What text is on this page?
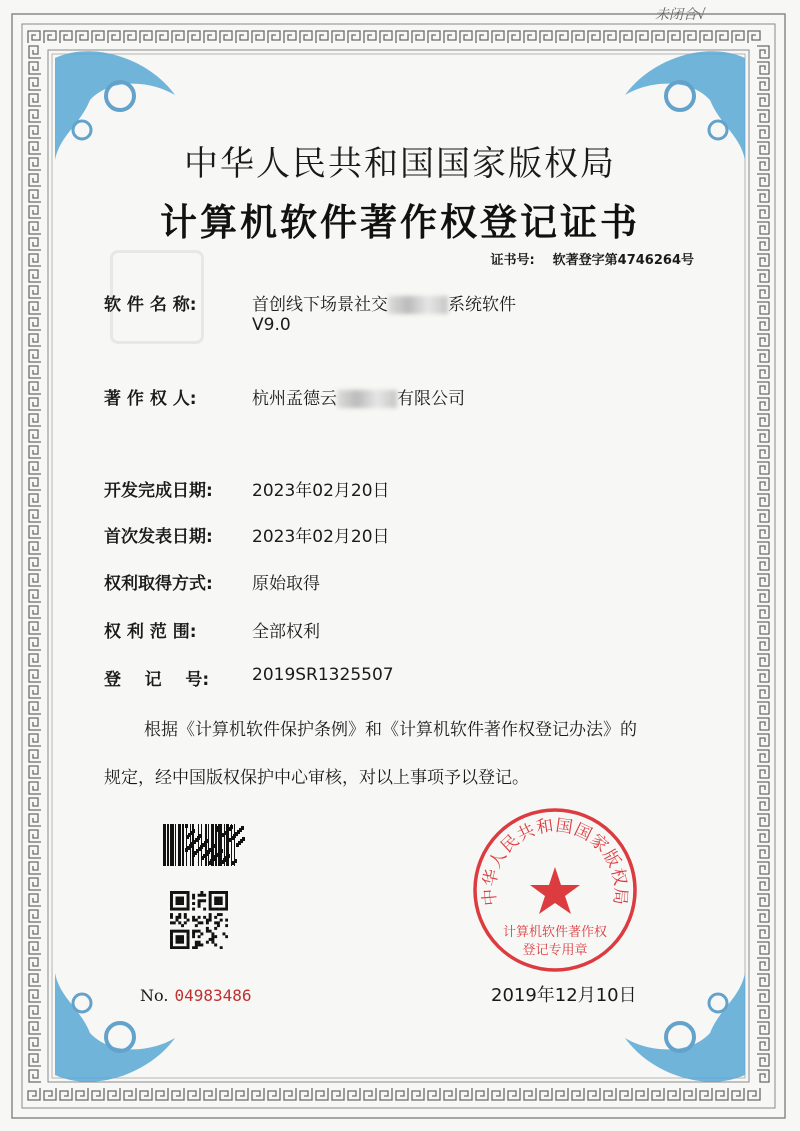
未闭合√
中华人民共和国国家版权局
计算机软件著作权登记证书
证书号: 软著登字第4746264号
软 件 名 称:	首创线下场景社交	系统软件
V9.0
著 作 权 人:	杭州孟德云	有限公司
开发完成日期: 2023年02月20日
首次发表日期: 2023年02月20日
权利取得方式: 原始取得
权 利 范 围:	全部权利
登    记    号:	2019SR1325507
根据《计算机软件保护条例》和《计算机软件著作权登记办法》的
规定，经中国版权保护中心审核，对以上事项予以登记。
No. 04983486
中华人民共和国国家版权局
计算机软件著作权
登记专用章
2019年12月10日
